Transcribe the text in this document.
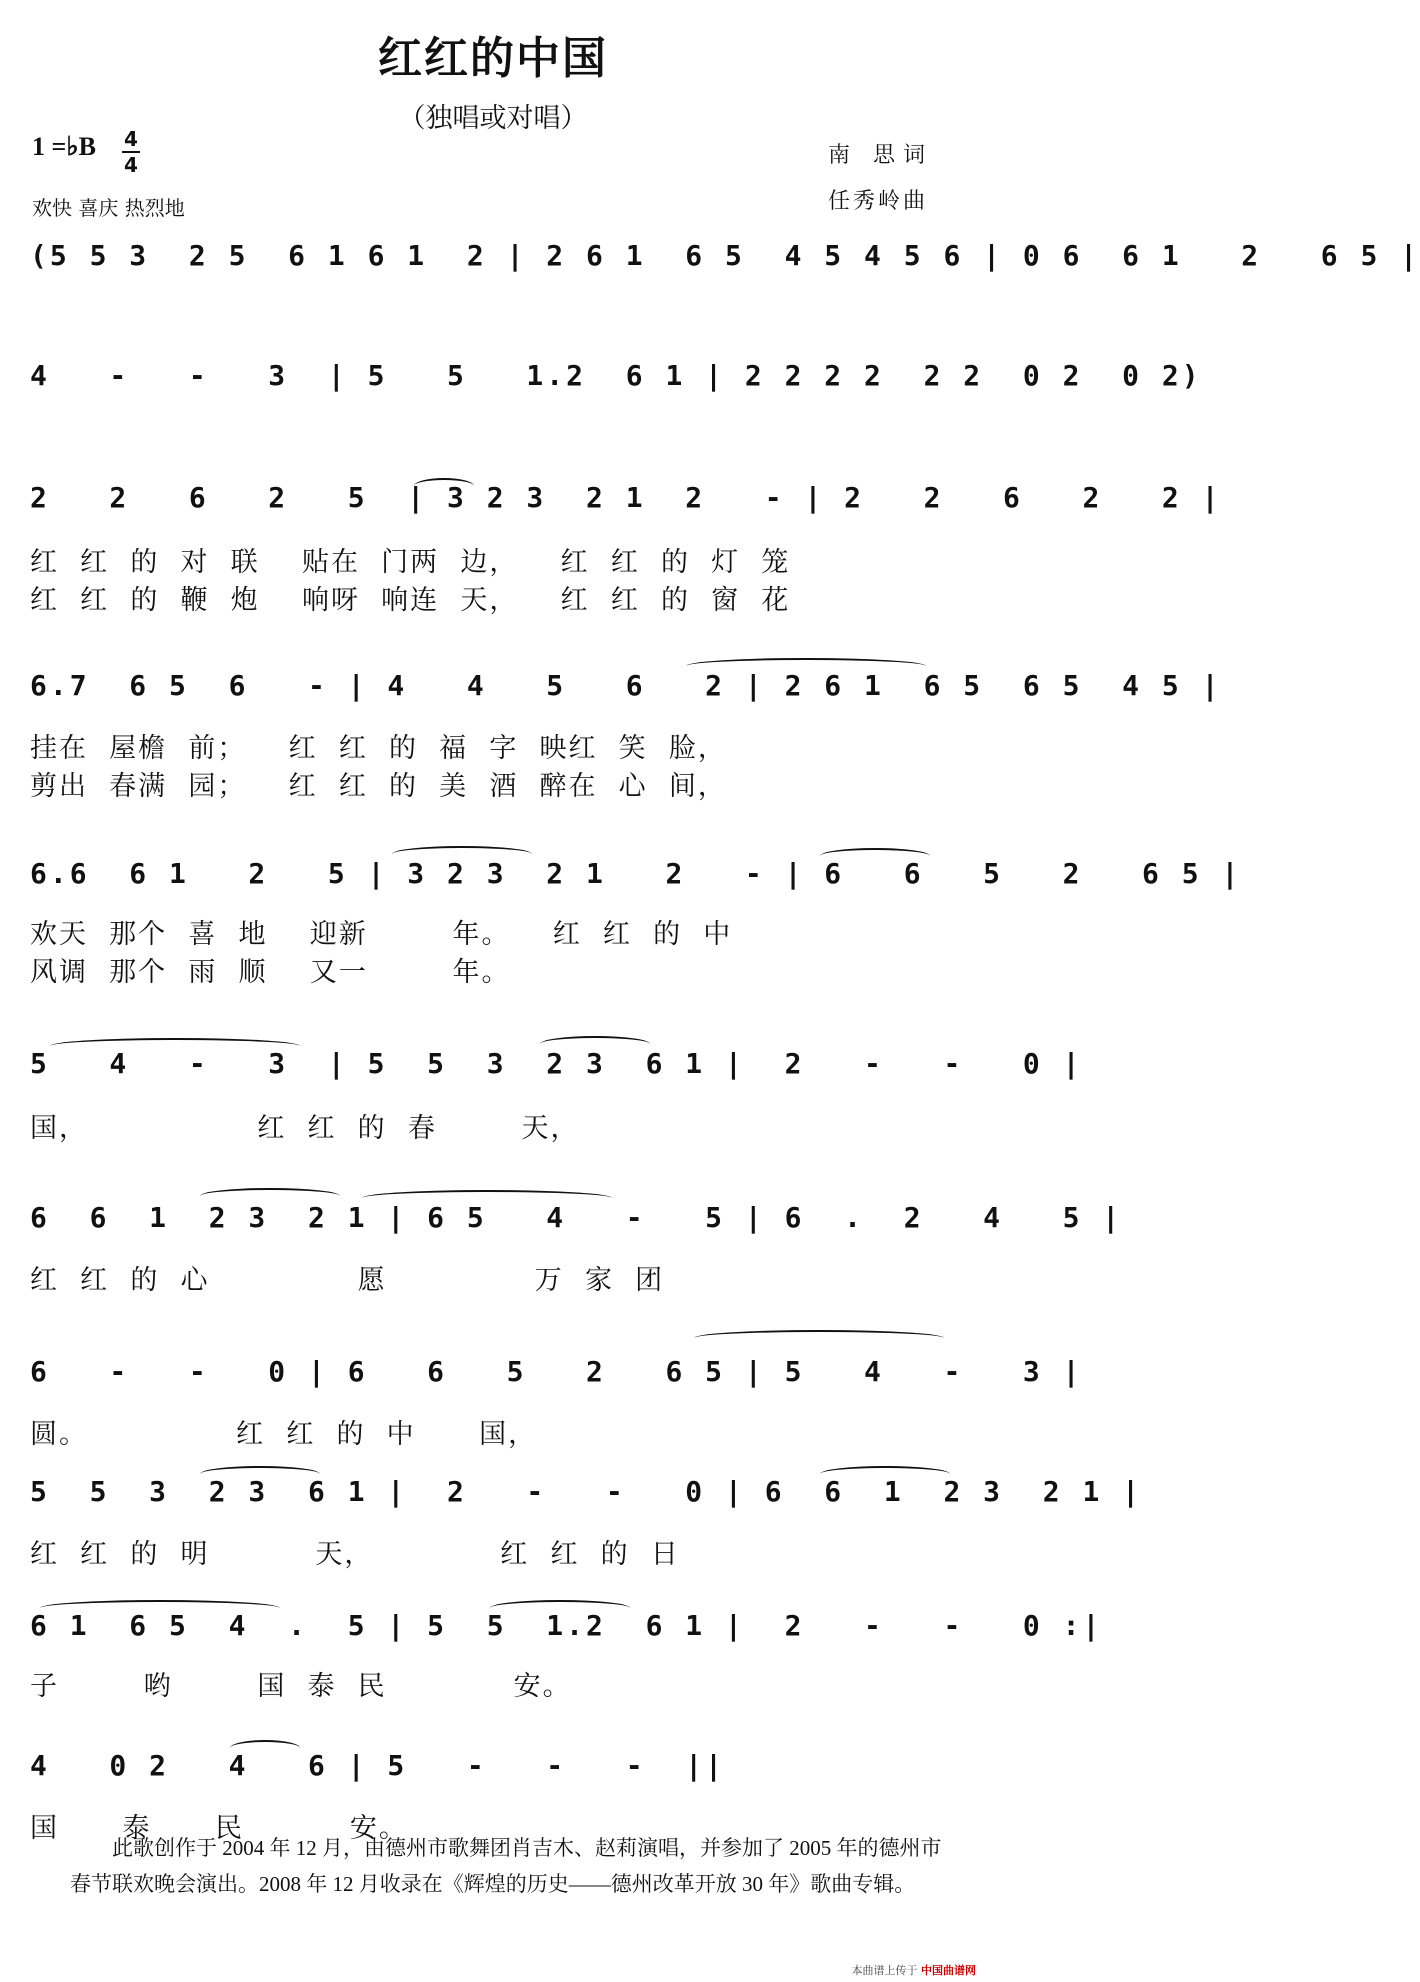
红红的中国
（独唱或对唱）
1 =♭B 4
4
欢快 喜庆 热烈地
南 思词
任秀岭曲
(5 5 3  2 5  6 1 6 1  2 | 2 6 1  6 5  4 5 4 5 6 | 0 6  6 1   2   6 5 |
4   -   -   3  | 5   5   1.2  6 1 | 2 2 2 2  2 2  0 2  0 2)
2   2   6   2   5  | 3 2 3  2 1  2   - | 2   2   6   2   2 |
红  红  的  对  联    贴在  门两  边，    红  红  的  灯  笼
红  红  的  鞭  炮    响呀  响连  天，    红  红  的  窗  花
6.7  6 5  6   - | 4   4   5   6   2 | 2 6 1  6 5  6 5  4 5 |
挂在  屋檐  前；    红  红  的  福  字  映红  笑  脸，
剪出  春满  园；    红  红  的  美  酒  醉在  心  间，
6.6  6 1   2   5 | 3 2 3  2 1   2   - | 6   6   5   2   6 5 |
欢天  那个  喜  地    迎新        年。    红  红  的  中
风调  那个  雨  顺    又一        年。
5   4   -   3  | 5  5  3  2 3  6 1 |  2   -   -   0 |
国，                红  红  的  春        天，
6  6  1  2 3  2 1 | 6 5   4   -   5 | 6  .  2   4   5 |
红  红  的  心              愿              万  家  团
6   -   -   0 | 6   6   5   2   6 5 | 5   4   -   3 |
圆。              红  红  的  中      国，
5  5  3  2 3  6 1 |  2   -   -   0 | 6  6  1  2 3  2 1 |
红  红  的  明          天，            红  红  的  日
6 1  6 5  4  .  5 | 5  5  1.2  6 1 |  2   -   -   0 :|
子        哟        国  泰  民            安。
4   0 2   4   6 | 5   -   -   -  ||
国      泰      民          安。
此歌创作于 2004 年 12 月，由德州市歌舞团肖吉木、赵莉演唱，并参加了 2005 年的德州市春节联欢晚会演出。2008 年 12 月收录在《辉煌的历史——德州改革开放 30 年》歌曲专辑。
本曲谱上传于 中国曲谱网
